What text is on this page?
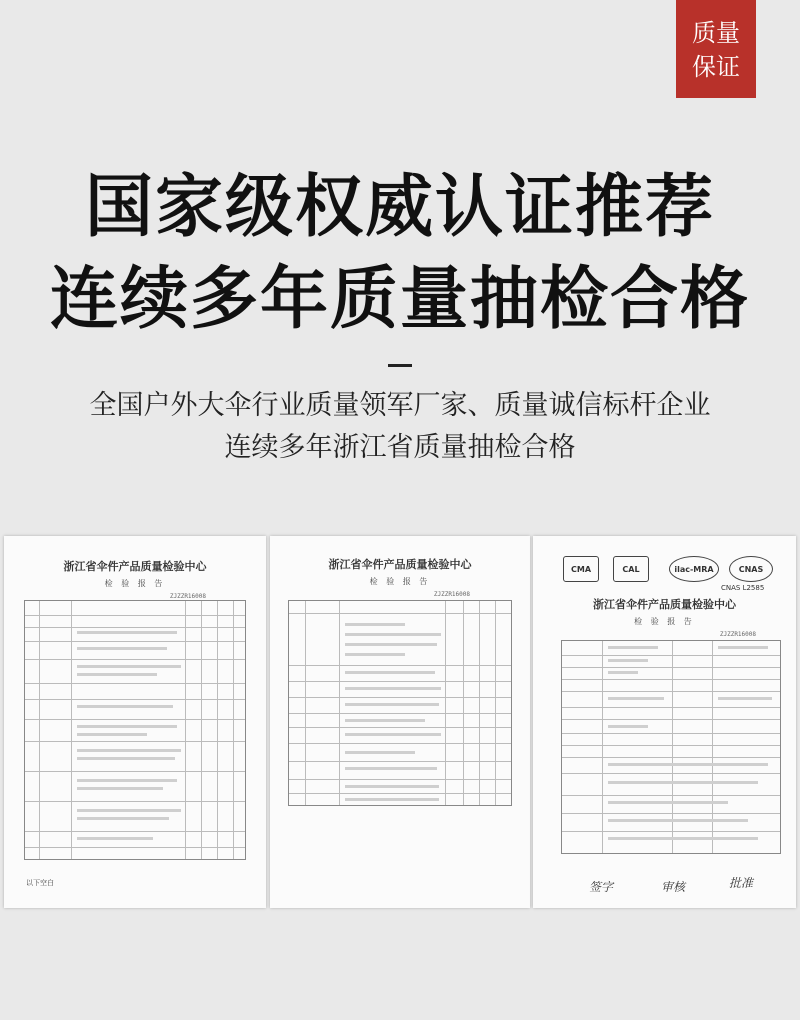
质量
保证
国家级权威认证推荐
连续多年质量抽检合格
全国户外大伞行业质量领军厂家、质量诚信标杆企业
连续多年浙江省质量抽检合格
浙江省伞件产品质量检验中心
检 验 报 告
ZJZZR16008
以下空白
浙江省伞件产品质量检验中心
检 验 报 告
ZJZZR16008
CMA	CAL	ilac-MRA	CNAS
CNAS L2585
浙江省伞件产品质量检验中心
检 验 报 告
ZJZZR16008
签字	审核	批准
